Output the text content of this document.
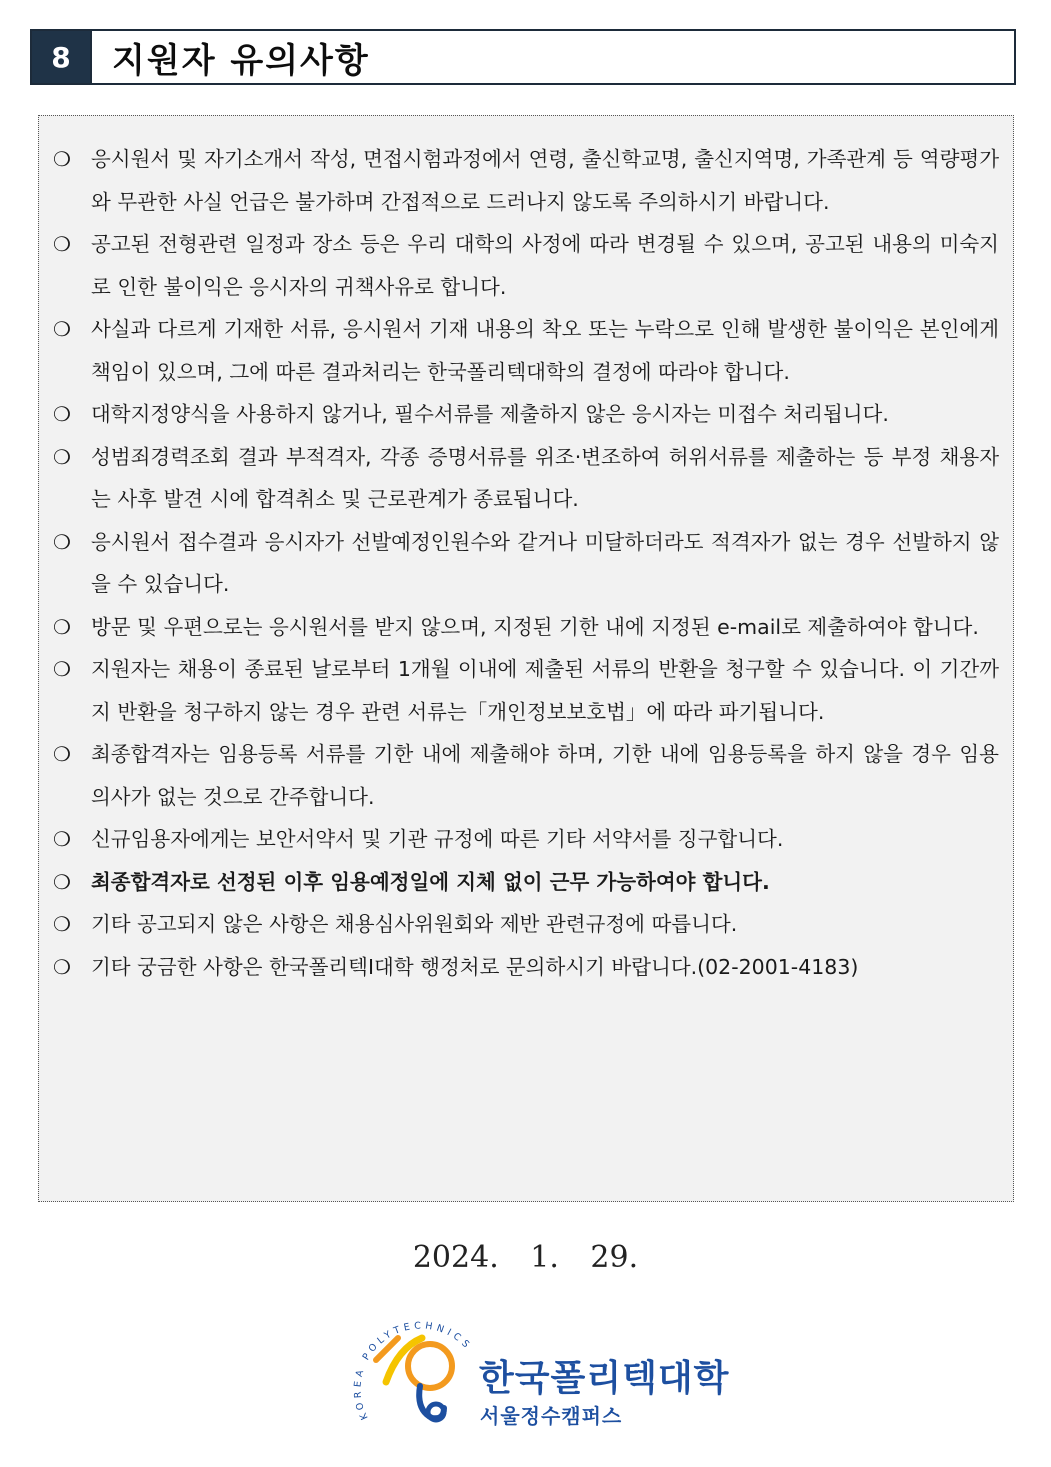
8	지원자 유의사항
❍ 응시원서 및 자기소개서 작성, 면접시험과정에서 연령, 출신학교명, 출신지역명, 가족관계 등 역량평가와 무관한 사실 언급은 불가하며 간접적으로 드러나지 않도록 주의하시기 바랍니다.
❍ 공고된 전형관련 일정과 장소 등은 우리 대학의 사정에 따라 변경될 수 있으며, 공고된 내용의 미숙지로 인한 불이익은 응시자의 귀책사유로 합니다.
❍ 사실과 다르게 기재한 서류, 응시원서 기재 내용의 착오 또는 누락으로 인해 발생한 불이익은 본인에게 책임이 있으며, 그에 따른 결과처리는 한국폴리텍대학의 결정에 따라야 합니다.
❍ 대학지정양식을 사용하지 않거나, 필수서류를 제출하지 않은 응시자는 미접수 처리됩니다.
❍ 성범죄경력조회 결과 부적격자, 각종 증명서류를 위조·변조하여 허위서류를 제출하는 등 부정 채용자는 사후 발견 시에 합격취소 및 근로관계가 종료됩니다.
❍ 응시원서 접수결과 응시자가 선발예정인원수와 같거나 미달하더라도 적격자가 없는 경우 선발하지 않을 수 있습니다.
❍ 방문 및 우편으로는 응시원서를 받지 않으며, 지정된 기한 내에 지정된 e-mail로 제출하여야 합니다.
❍ 지원자는 채용이 종료된 날로부터 1개월 이내에 제출된 서류의 반환을 청구할 수 있습니다. 이 기간까지 반환을 청구하지 않는 경우 관련 서류는「개인정보보호법」에 따라 파기됩니다.
❍ 최종합격자는 임용등록 서류를 기한 내에 제출해야 하며, 기한 내에 임용등록을 하지 않을 경우 임용 의사가 없는 것으로 간주합니다.
❍ 신규임용자에게는 보안서약서 및 기관 규정에 따른 기타 서약서를 징구합니다.
❍ 최종합격자로 선정된 이후 임용예정일에 지체 없이 근무 가능하여야 합니다.
❍ 기타 공고되지 않은 사항은 채용심사위원회와 제반 관련규정에 따릅니다.
❍ 기타 궁금한 사항은 한국폴리텍I대학 행정처로 문의하시기 바랍니다.(02-2001-4183)
2024. 1. 29.
KOREA POLYTECHNICS
한국폴리텍대학
서울정수캠퍼스
